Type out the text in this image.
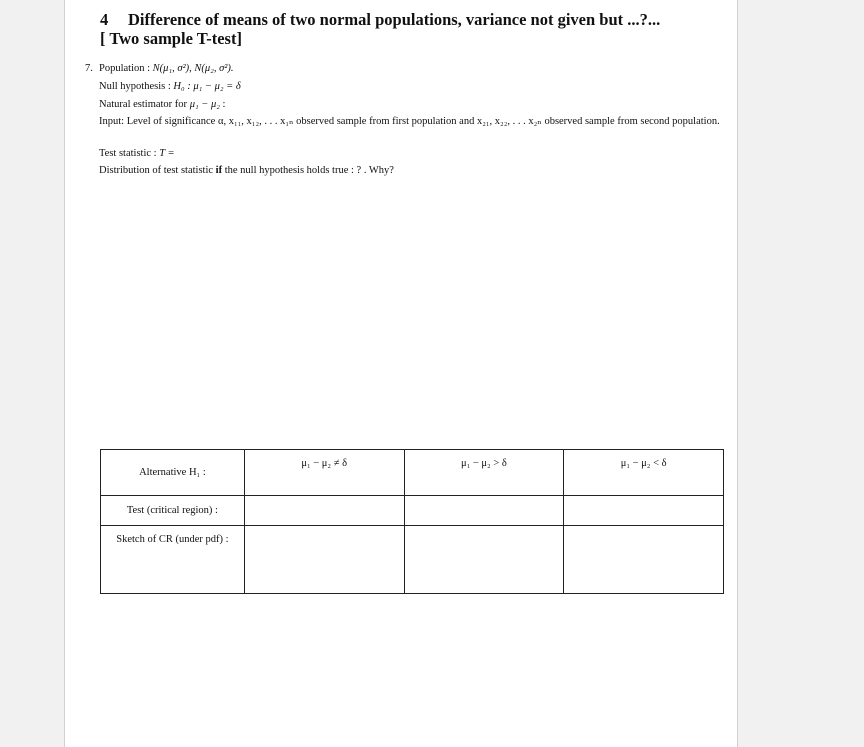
4 Difference of means of two normal populations, variance not given but ...?...
[ Two sample T-test]
7. Population : N(μ₁, σ²), N(μ₂, σ²).
Null hypothesis : H₀ : μ₁ − μ₂ = δ
Natural estimator for μ₁ − μ₂ :
Input: Level of significance α, x₁₁, x₁₂, . . . x₁ₙ observed sample from first population and x₂₁, x₂₂, . . . x₂ₙ observed sample from second population.
Test statistic : T =
Distribution of test statistic if the null hypothesis holds true : ? . Why?
Alternative H₁ :	μ₁ − μ₂ ≠ δ	μ₁ − μ₂ > δ	μ₁ − μ₂ < δ
Test (critical region) :			
Sketch of CR (under pdf) :			
